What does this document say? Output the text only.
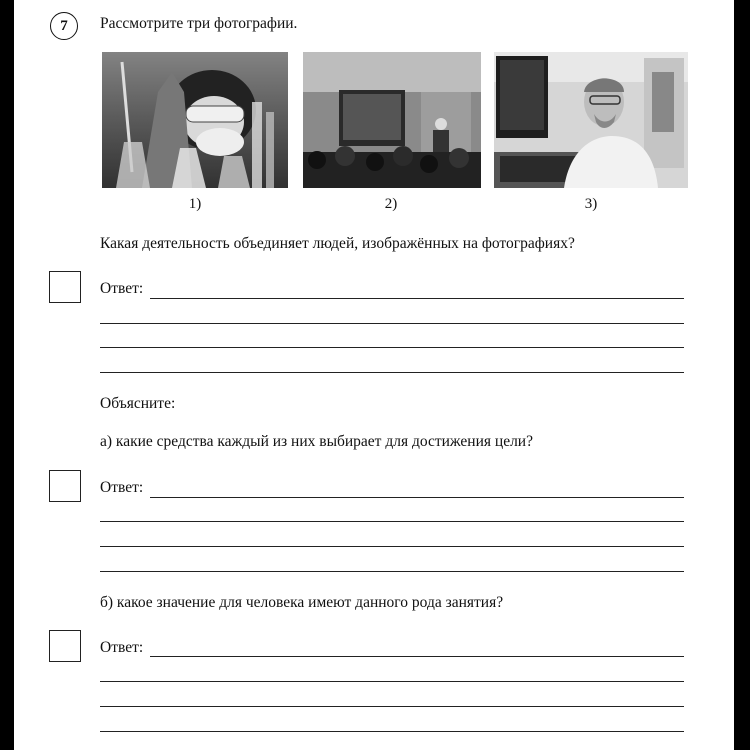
7	Рассмотрите три фотографии.
1)	2)	3)
Какая деятельность объединяет людей, изображённых на фотографиях?
Ответ:
Объясните:
а) какие средства каждый из них выбирает для достижения цели?
Ответ:
б) какое значение для человека имеют данного рода занятия?
Ответ:
